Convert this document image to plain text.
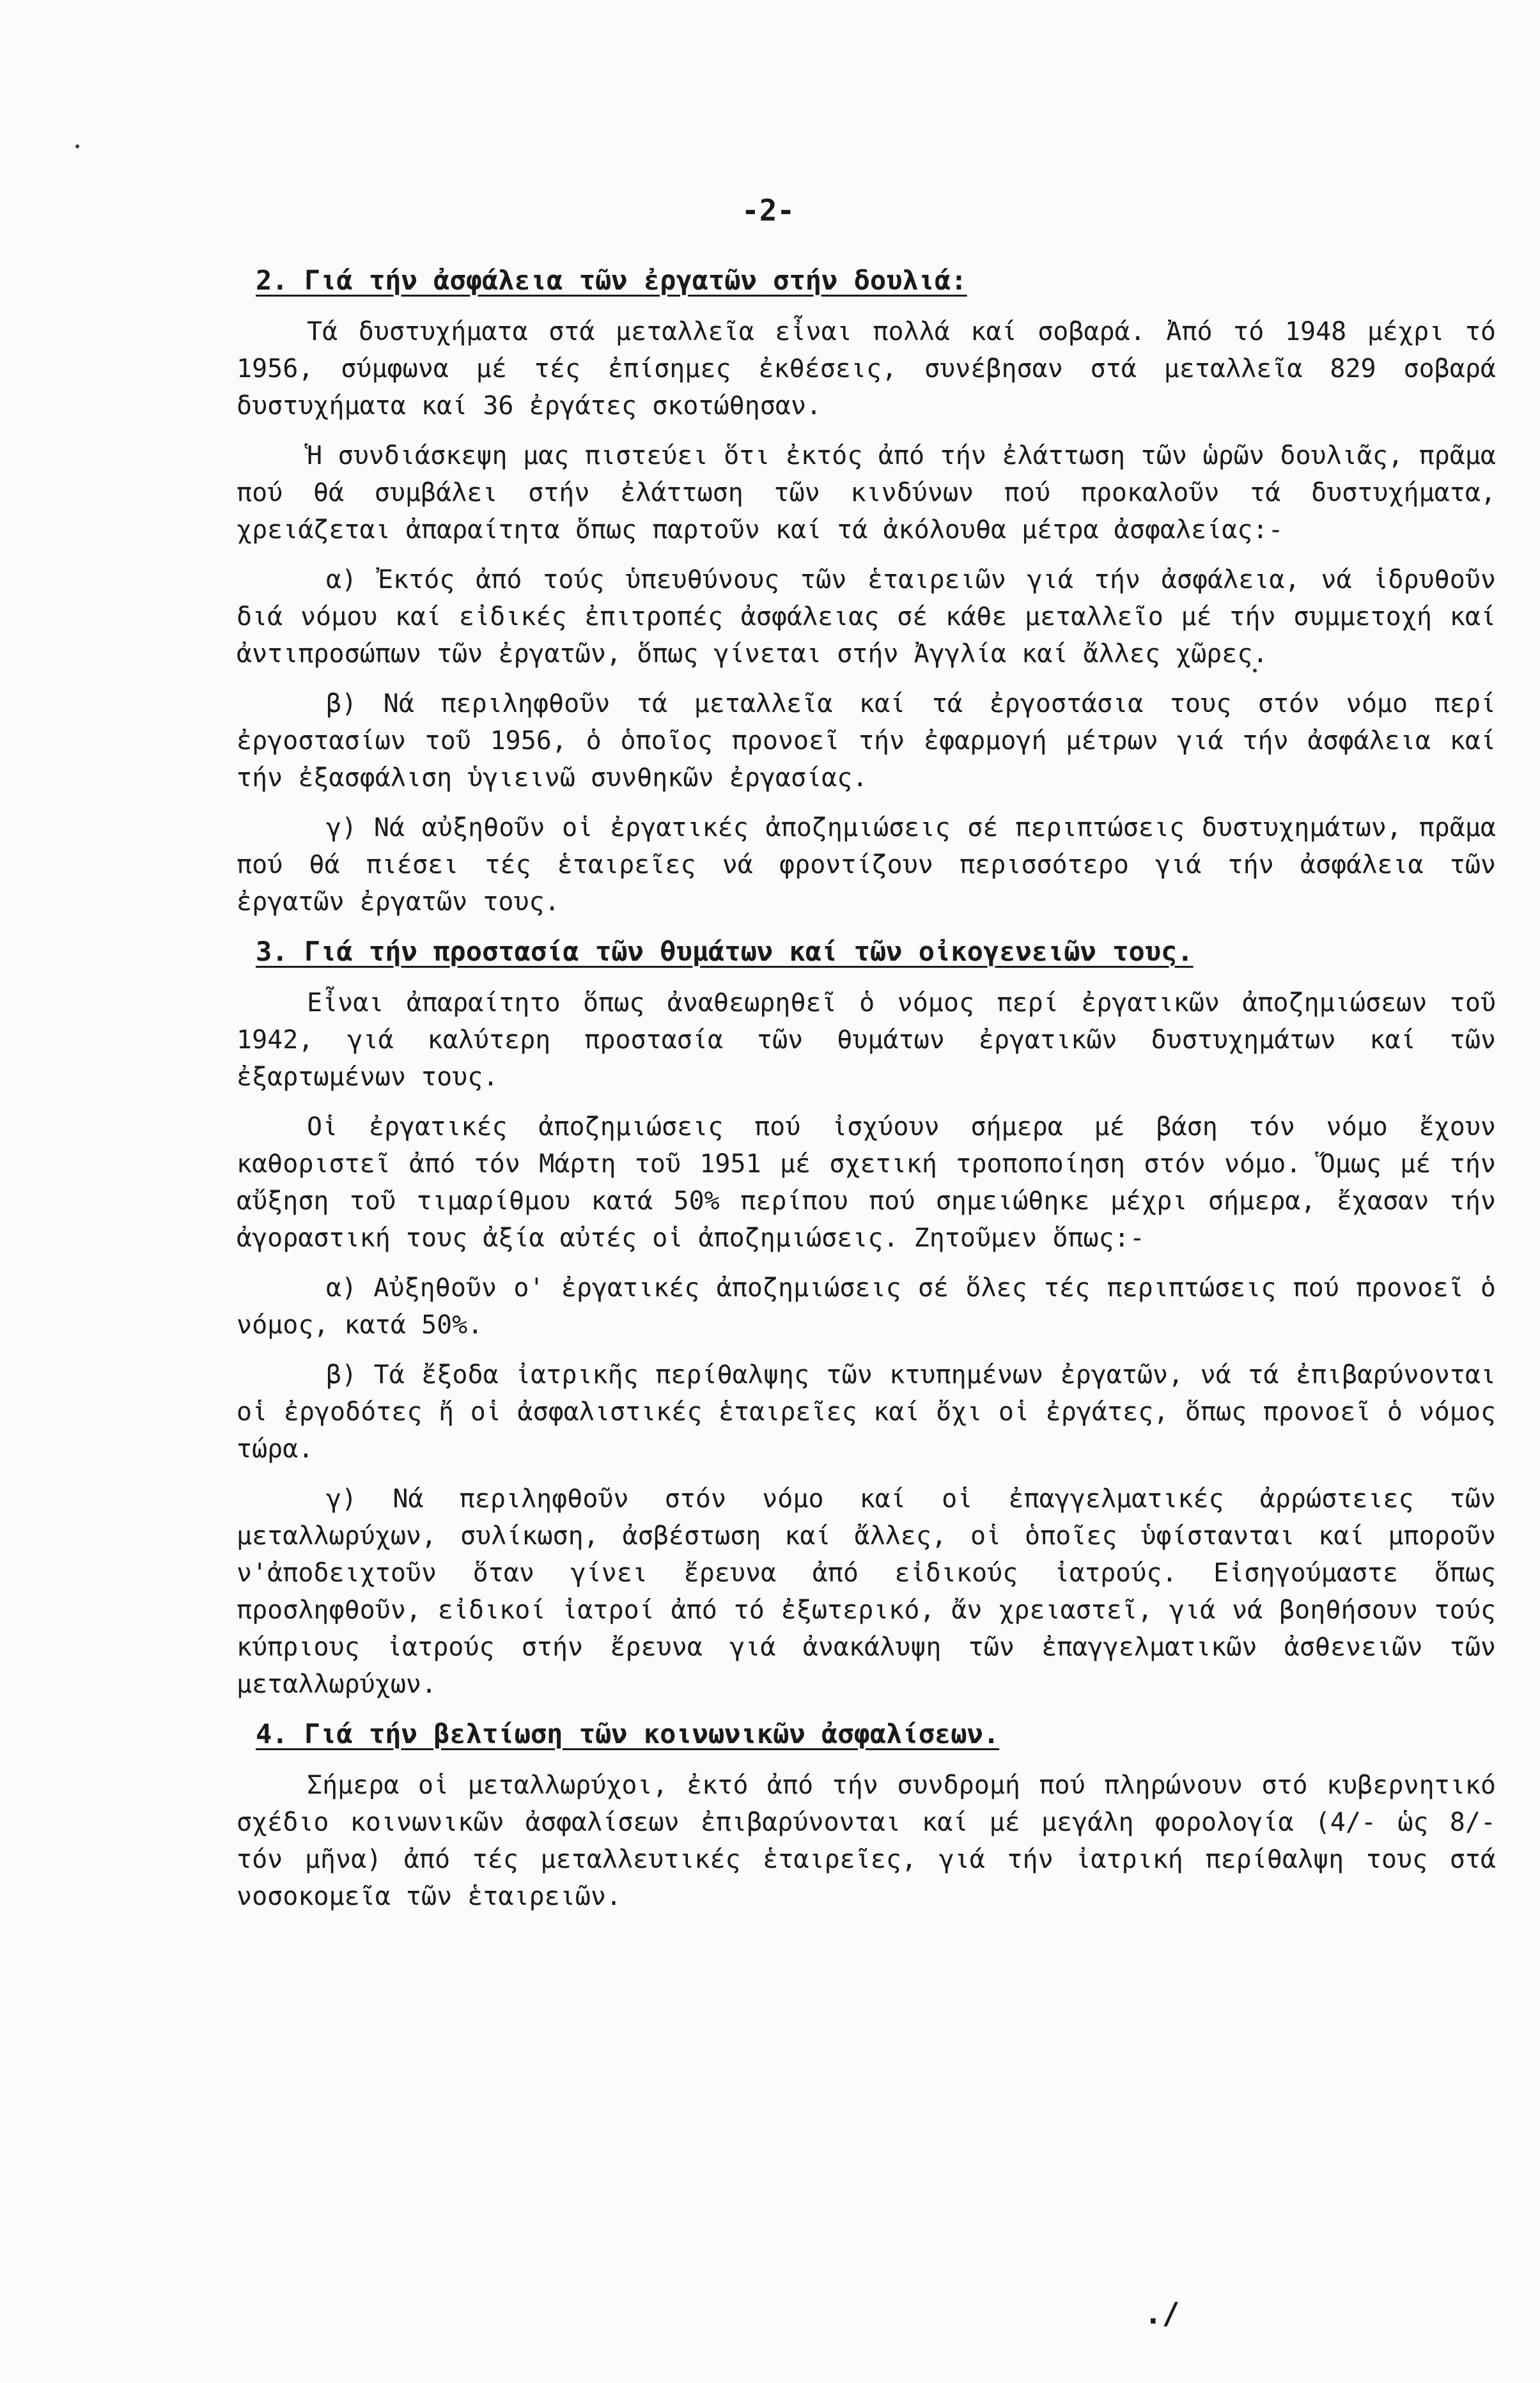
-2-

2. Γιά τήν ἀσφάλεια τῶν ἐργατῶν στήν δουλιά:

Τά δυστυχήματα στά μεταλλεῖα εἶναι πολλά καί σοβαρά. Ἀπό τό 1948 μέχρι τό 1956, σύμφωνα μέ τές ἐπίσημες ἐκθέσεις, συνέβησαν στά μεταλλεῖα 829 σοβαρά δυστυχήματα καί 36 ἐργάτες σκοτώθησαν.

Ἡ συνδιάσκεψη μας πιστεύει ὅτι ἐκτός ἀπό τήν ἐλάττωση τῶν ὡρῶν δουλιᾶς, πρᾶμα πού θά συμβάλει στήν ἐλάττωση τῶν κινδύνων πού προκαλοῦν τά δυστυχήματα, χρειάζεται ἀπαραίτητα ὅπως παρτοῦν καί τά ἀκόλουθα μέτρα ἀσφαλείας:-

α) Ἐκτός ἀπό τούς ὑπευθύνους τῶν ἑταιρειῶν γιά τήν ἀσφάλεια, νά ἱδρυθοῦν διά νόμου καί εἰδικές ἐπιτροπές ἀσφάλειας σέ κάθε μεταλλεῖο μέ τήν συμμετοχή καί ἀντιπροσώπων τῶν ἐργατῶν, ὅπως γίνεται στήν Ἀγγλία καί ἄλλες χῶρες.

β) Νά περιληφθοῦν τά μεταλλεῖα καί τά ἐργοστάσια τους στόν νόμο περί ἐργοστασίων τοῦ 1956, ὁ ὁποῖος προνοεῖ τήν ἐφαρμογή μέτρων γιά τήν ἀσφάλεια καί τήν ἐξασφάλιση ὑγιεινῶ συνθηκῶν ἐργασίας.

γ) Νά αὐξηθοῦν οἱ ἐργατικές ἀποζημιώσεις σέ περιπτώσεις δυστυχημάτων, πρᾶμα πού θά πιέσει τές ἑταιρεῖες νά φροντίζουν περισσότερο γιά τήν ἀσφάλεια τῶν ἐργατῶν ἐργατῶν τους.

3. Γιά τήν προστασία τῶν θυμάτων καί τῶν οἰκογενειῶν τους.

Εἶναι ἀπαραίτητο ὅπως ἀναθεωρηθεῖ ὁ νόμος περί ἐργατικῶν ἀποζημιώσεων τοῦ 1942, γιά καλύτερη προστασία τῶν θυμάτων ἐργατικῶν δυστυχημάτων καί τῶν ἐξαρτωμένων τους.

Οἱ ἐργατικές ἀποζημιώσεις πού ἰσχύουν σήμερα μέ βάση τόν νόμο ἔχουν καθοριστεῖ ἀπό τόν Μάρτη τοῦ 1951 μέ σχετική τροποποίηση στόν νόμο. Ὅμως μέ τήν αὔξηση τοῦ τιμαρίθμου κατά 50% περίπου πού σημειώθηκε μέχρι σήμερα, ἔχασαν τήν ἀγοραστική τους ἀξία αὐτές οἱ ἀποζημιώσεις. Ζητοῦμεν ὅπως:-

α) Αὐξηθοῦν ο' ἐργατικές ἀποζημιώσεις σέ ὅλες τές περιπτώσεις πού προνοεῖ ὁ νόμος, κατά 50%.

β) Τά ἔξοδα ἰατρικῆς περίθαλψης τῶν κτυπημένων ἐργατῶν, νά τά ἐπιβαρύνονται οἱ ἐργοδότες ἤ οἱ ἀσφαλιστικές ἑταιρεῖες καί ὄχι οἱ ἐργάτες, ὅπως προνοεῖ ὁ νόμος τώρα.

γ) Νά περιληφθοῦν στόν νόμο καί οἱ ἐπαγγελματικές ἀρρώστειες τῶν μεταλλωρύχων, συλίκωση, ἀσβέστωση καί ἄλλες, οἱ ὁποῖες ὑφίστανται καί μποροῦν ν'ἀποδειχτοῦν ὅταν γίνει ἔρευνα ἀπό εἰδικούς ἰατρούς. Εἰσηγούμαστε ὅπως προσληφθοῦν, εἰδικοί ἰατροί ἀπό τό ἐξωτερικό, ἄν χρειαστεῖ, γιά νά βοηθήσουν τούς κύπριους ἰατρούς στήν ἔρευνα γιά ἀνακάλυψη τῶν ἐπαγγελματικῶν ἀσθενειῶν τῶν μεταλλωρύχων.

4. Γιά τήν βελτίωση τῶν κοινωνικῶν ἀσφαλίσεων.

Σήμερα οἱ μεταλλωρύχοι, ἐκτό ἀπό τήν συνδρομή πού πληρώνουν στό κυβερνητικό σχέδιο κοινωνικῶν ἀσφαλίσεων ἐπιβαρύνονται καί μέ μεγάλη φορολογία (4/- ὡς 8/- τόν μῆνα) ἀπό τές μεταλλευτικές ἑταιρεῖες, γιά τήν ἰατρική περίθαλψη τους στά νοσοκομεῖα τῶν ἑταιρειῶν.

./
